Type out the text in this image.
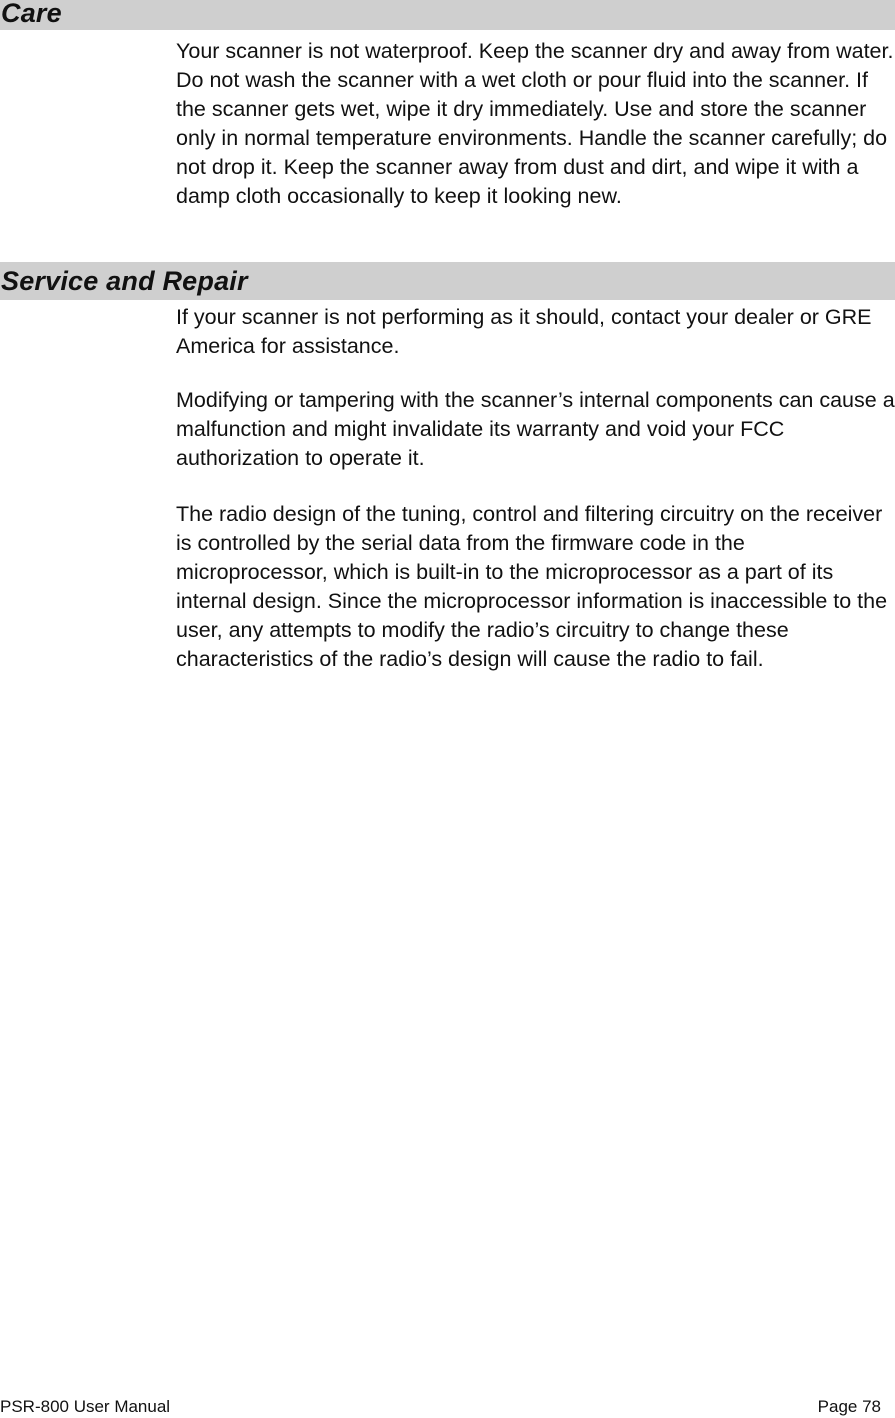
Care

Your scanner is not waterproof. Keep the scanner dry and away from water. Do not wash the scanner with a wet cloth or pour fluid into the scanner. If the scanner gets wet, wipe it dry immediately. Use and store the scanner only in normal temperature environments. Handle the scanner carefully; do not drop it. Keep the scanner away from dust and dirt, and wipe it with a damp cloth occasionally to keep it looking new.

Service and Repair

If your scanner is not performing as it should, contact your dealer or GRE America for assistance.

Modifying or tampering with the scanner’s internal components can cause a malfunction and might invalidate its warranty and void your FCC authorization to operate it.

The radio design of the tuning, control and filtering circuitry on the receiver is controlled by the serial data from the firmware code in the microprocessor, which is built-in to the microprocessor as a part of its internal design. Since the microprocessor information is inaccessible to the user, any attempts to modify the radio’s circuitry to change these characteristics of the radio’s design will cause the radio to fail.

PSR-800 User Manual	Page 78
